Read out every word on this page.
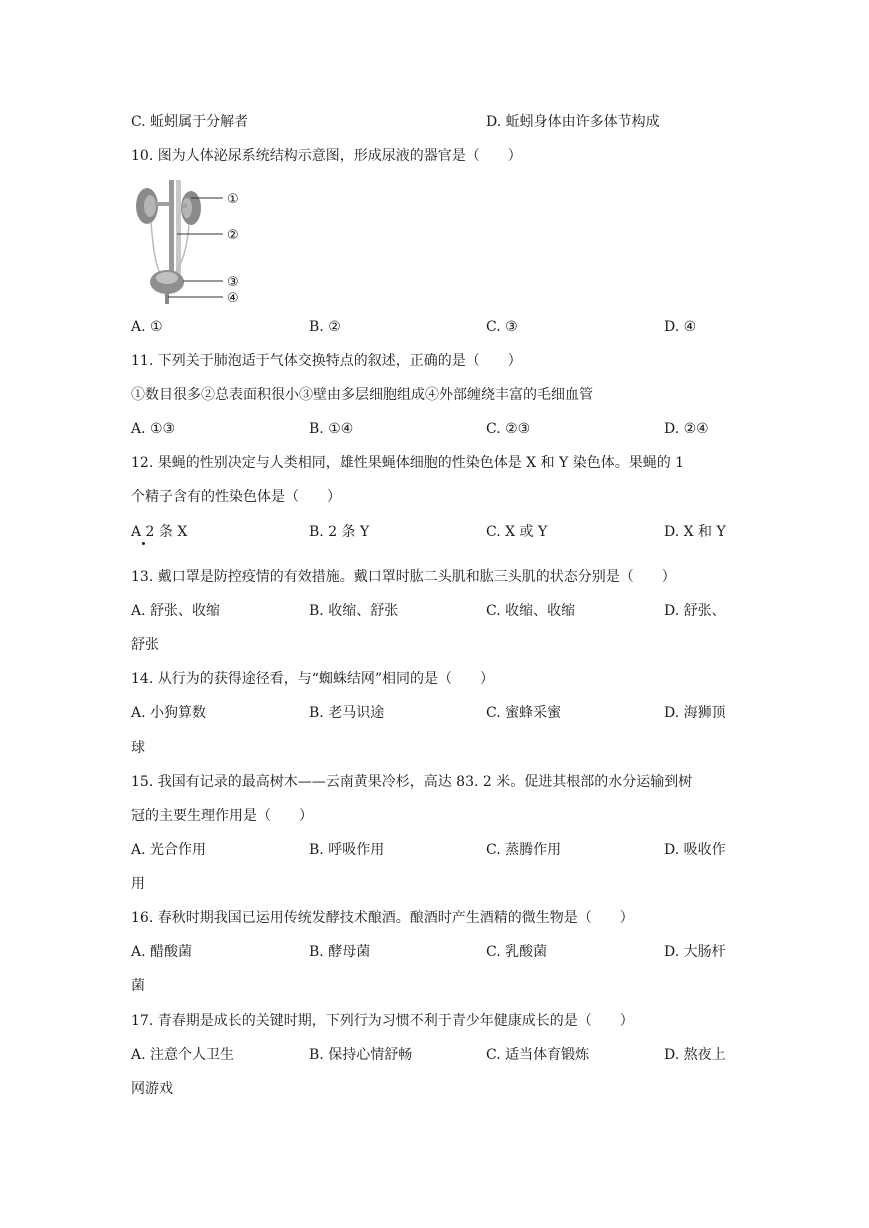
C. 蚯蚓属于分解者	D. 蚯蚓身体由许多体节构成
10. 图为人体泌尿系统结构示意图，形成尿液的器官是（　　）
①
②
③
④
A. ①	B. ②	C. ③	D. ④
11. 下列关于肺泡适于气体交换特点的叙述，正确的是（　　）
①数目很多②总表面积很小③壁由多层细胞组成④外部缠绕丰富的毛细血管
A. ①③	B. ①④	C. ②③	D. ②④
12. 果蝇的性别决定与人类相同，雄性果蝇体细胞的性染色体是 X 和 Y 染色体。果蝇的 1
个精子含有的性染色体是（　　）
A 2 条 X	B. 2 条 Y	C. X 或 Y	D. X 和 Y
13. 戴口罩是防控疫情的有效措施。戴口罩时肱二头肌和肱三头肌的状态分别是（　　）
A. 舒张、收缩	B. 收缩、舒张	C. 收缩、收缩	D. 舒张、
舒张
14. 从行为的获得途径看，与“蜘蛛结网”相同的是（　　）
A. 小狗算数	B. 老马识途	C. 蜜蜂采蜜	D. 海狮顶
球
15. 我国有记录的最高树木——云南黄果冷杉，高达 83. 2 米。促进其根部的水分运输到树
冠的主要生理作用是（　　）
A. 光合作用	B. 呼吸作用	C. 蒸腾作用	D. 吸收作
用
16. 春秋时期我国已运用传统发酵技术酿酒。酿酒时产生酒精的微生物是（　　）
A. 醋酸菌	B. 酵母菌	C. 乳酸菌	D. 大肠杆
菌
17. 青春期是成长的关键时期，下列行为习惯不利于青少年健康成长的是（　　）
A. 注意个人卫生	B. 保持心情舒畅	C. 适当体育锻炼	D. 熬夜上
网游戏
